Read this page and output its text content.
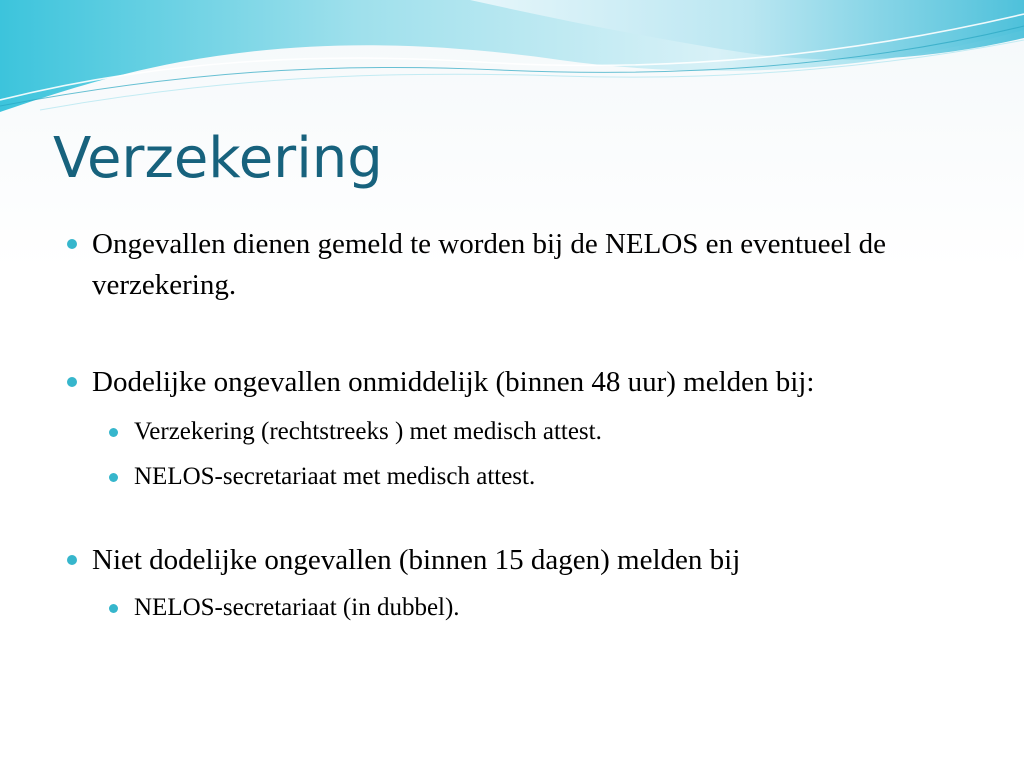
Verzekering
Ongevallen dienen gemeld te worden bij de NELOS en eventueel de verzekering.
Dodelijke ongevallen onmiddelijk (binnen 48 uur) melden bij:
Verzekering (rechtstreeks ) met medisch attest.
NELOS-secretariaat met medisch attest.
Niet dodelijke ongevallen (binnen 15 dagen) melden bij
NELOS-secretariaat (in dubbel).
